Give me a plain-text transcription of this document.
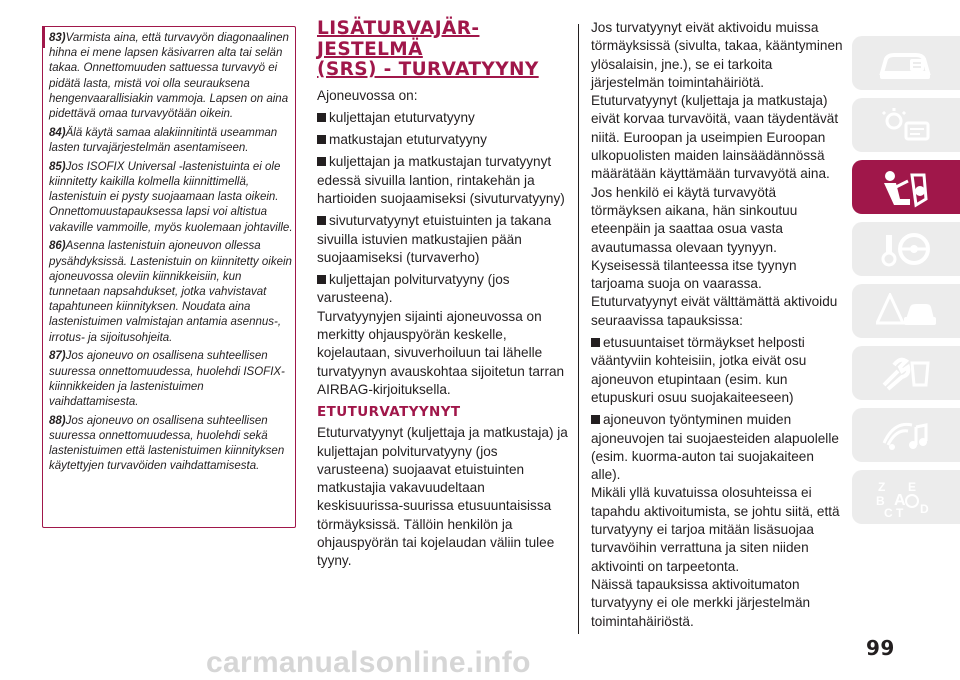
83)Varmista aina, että turvavyön diagonaalinen hihna ei mene lapsen käsivarren alta tai selän takaa. Onnettomuuden sattuessa turvavyö ei pidätä lasta, mistä voi olla seurauksena hengenvaarallisiakin vammoja. Lapsen on aina pidettävä omaa turvavyötään oikein.

84)Älä käytä samaa alakiinnitintä useamman lasten turvajärjestelmän asentamiseen.

85)Jos ISOFIX Universal -lastenistuinta ei ole kiinnitetty kaikilla kolmella kiinnittimellä, lastenistuin ei pysty suojaamaan lasta oikein. Onnettomuustapauksessa lapsi voi altistua vakaville vammoille, myös kuolemaan johtaville.

86)Asenna lastenistuin ajoneuvon ollessa pysähdyksissä. Lastenistuin on kiinnitetty oikein ajoneuvossa oleviin kiinnikkeisiin, kun tunnetaan napsahdukset, jotka vahvistavat tapahtuneen kiinnityksen. Noudata aina lastenistuimen valmistajan antamia asennus-, irrotus- ja sijoitusohjeita.

87)Jos ajoneuvo on osallisena suhteellisen suuressa onnettomuudessa, huolehdi ISOFIX-kiinnikkeiden ja lastenistuimen vaihdattamisesta.

88)Jos ajoneuvo on osallisena suhteellisen suuressa onnettomuudessa, huolehdi sekä lastenistuimen että lastenistuimen kiinnityksen käytettyjen turvavöiden vaihdattamisesta.

LISÄTURVAJÄR-
JESTELMÄ
(SRS) - TURVATYYNY

Ajoneuvossa on:

kuljettajan etuturvatyyny

matkustajan etuturvatyyny

kuljettajan ja matkustajan turvatyynyt edessä sivuilla lantion, rintakehän ja hartioiden suojaamiseksi (sivuturvatyyny)

sivuturvatyynyt etuistuinten ja takana sivuilla istuvien matkustajien pään suojaamiseksi (turvaverho)

kuljettajan polviturvatyyny (jos varusteena).

Turvatyynyjen sijainti ajoneuvossa on merkitty ohjauspyörän keskelle, kojelautaan, sivuverhoiluun tai lähelle turvatyynyn avauskohtaa sijoitetun tarran AIRBAG-kirjoituksella.

ETUTURVATYYNYT

Etuturvatyynyt (kuljettaja ja matkustaja) ja kuljettajan polviturvatyyny (jos varusteena) suojaavat etuistuinten matkustajia vakavuudeltaan keskisuurissa-suurissa etusuuntaisissa törmäyksissä. Tällöin henkilön ja ohjauspyörän tai kojelaudan väliin tulee tyyny.

Jos turvatyynyt eivät aktivoidu muissa törmäyksissä (sivulta, takaa, kääntyminen ylösalaisin, jne.), se ei tarkoita järjestelmän toimintahäiriötä.

Etuturvatyynyt (kuljettaja ja matkustaja) eivät korvaa turvavöitä, vaan täydentävät niitä. Euroopan ja useimpien Euroopan ulkopuolisten maiden lainsäädännössä määrätään käyttämään turvavyötä aina.

Jos henkilö ei käytä turvavyötä törmäyksen aikana, hän sinkoutuu eteenpäin ja saattaa osua vasta avautumassa olevaan tyynyyn. Kyseisessä tilanteessa itse tyynyn tarjoama suoja on vaarassa.

Etuturvatyynyt eivät välttämättä aktivoidu seuraavissa tapauksissa:

etusuuntaiset törmäykset helposti vääntyviin kohteisiin, jotka eivät osu ajoneuvon etupintaan (esim. kun etupuskuri osuu suojakaiteeseen)

ajoneuvon työntyminen muiden ajoneuvojen tai suojaesteiden alapuolelle (esim. kuorma-auton tai suojakaiteen alle).

Mikäli yllä kuvatuissa olosuhteissa ei tapahdu aktivoitumista, se johtu siitä, että turvatyyny ei tarjoa mitään lisäsuojaa turvavöihin verrattuna ja siten niiden aktivointi on tarpeetonta.

Näissä tapauksissa aktivoitumaton turvatyyny ei ole merkki järjestelmän toimintahäiriöstä.

Z E
B A
C T D
99
carmanualsonline.info
